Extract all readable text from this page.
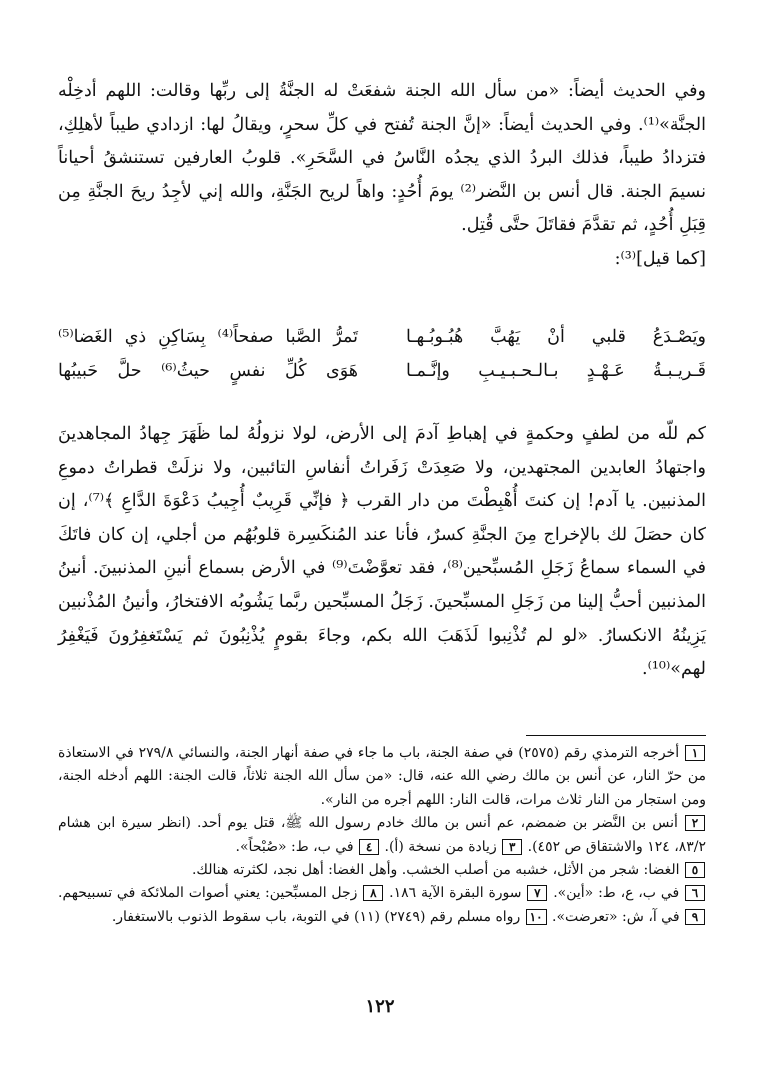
وفي الحديث أيضاً: «من سأل الله الجنة شفعَتْ له الجنَّةُ إلى ربِّها وقالت: اللهم أدخِلْه الجنَّة»⁽¹⁾. وفي الحديث أيضاً: «إنَّ الجنة تُفتح في كلِّ سحرٍ، ويقالُ لها: ازدادي طيباً لأهلِكِ، فتزدادُ طيباً، فذلك البردُ الذي يجدُه النَّاسُ في السَّحَرِ». قلوبُ العارفين تستنشقُ أحياناً نسيمَ الجنة. قال أنس بن النَّضر⁽²⁾ يومَ أُحُدٍ: واهاً لريح الجَنَّةِ، والله إني لأجِدُ ريحَ الجنَّةِ مِن قِبَلِ أُحُدٍ، ثم تقدَّمَ فقاتَلَ حتَّى قُتِل.

[كما قيل]⁽³⁾:

ويَصْـدَعُ قلبي أنْ يَهُبَّ هُبُـوبُـهـا
تَمرُّ الصَّبا صفحاً⁽⁴⁾ بِسَاكِنِ ذي الغَضا⁽⁵⁾
قَـريـبـةُ عَـهْـدٍ بـالـحـبـيـبِ وإنَّـمـا
هَوَى كُلِّ نفسٍ حيثُ⁽⁶⁾ حلَّ حَبيبُها

كم للّه من لطفٍ وحكمةٍ في إهباطِ آدمَ إلى الأرض، لولا نزولُهُ لما ظَهَرَ جِهادُ المجاهدينَ واجتهادُ العابدين المجتهدين، ولا صَعِدَتْ زَفَراتُ أنفاسِ التائبين، ولا نزلَتْ قطراتُ دموعِ المذنبين. يا آدم! إن كنتَ أُهْبِطْتَ من دار القرب ﴿ فإنِّي قَرِيبٌ أُجِيبُ دَعْوَةَ الدَّاعِ ﴾⁽⁷⁾، إن كان حصَلَ لك بالإخراج مِنَ الجنَّةِ كسرٌ، فأنا عند المُنكَسِرة قلوبُهُم من أجلي، إن كان فاتَكَ في السماء سماعُ زَجَلِ المُسبِّحين⁽⁸⁾، فقد تعوَّضْتَ⁽⁹⁾ في الأرض بسماع أنينِ المذنبينَ. أنينُ المذنبين أحبُّ إلينا من زَجَلِ المسبِّحينَ. زَجَلُ المسبِّحين ربَّما يَشُوبُه الافتخارُ، وأنينُ المُذْنبين يَزِينُهُ الانكسارُ. «لو لم تُذْنِبوا لَذَهَبَ الله بكم، وجاءَ بقومٍ يُذْنِبُونَ ثم يَسْتَغفِرُونَ فَيَغْفِرُ لهم»⁽¹⁰⁾.

١ أخرجه الترمذي رقم (٢٥٧٥) في صفة الجنة، باب ما جاء في صفة أنهار الجنة، والنسائي ٢٧٩/٨ في الاستعاذة من حرّ النار، عن أنس بن مالك رضي الله عنه، قال: «من سأل الله الجنة ثلاثاً، قالت الجنة: اللهم أدخله الجنة، ومن استجار من النار ثلاث مرات، قالت النار: اللهم أجره من النار».

٢ أنس بن النَّضر بن ضمضم، عم أنس بن مالك خادم رسول الله ﷺ، قتل يوم أحد. (انظر سيرة ابن هشام ٨٣/٢، ١٢٤ والاشتقاق ص ٤٥٢). ٣ زيادة من نسخة (أ). ٤ في ب، ط: «صُبْحاً».

٥ الغضا: شجر من الأثل، خشبه من أصلب الخشب. وأهل الغضا: أهل نجد، لكثرته هنالك.

٦ في ب، ع، ط: «أين». ٧ سورة البقرة الآية ١٨٦. ٨ زجل المسبِّحين: يعني أصوات الملائكة في تسبيحهم. ٩ في آ، ش: «تعرضت». ١٠ رواه مسلم رقم (٢٧٤٩) (١١) في التوبة، باب سقوط الذنوب بالاستغفار.

١٢٢
